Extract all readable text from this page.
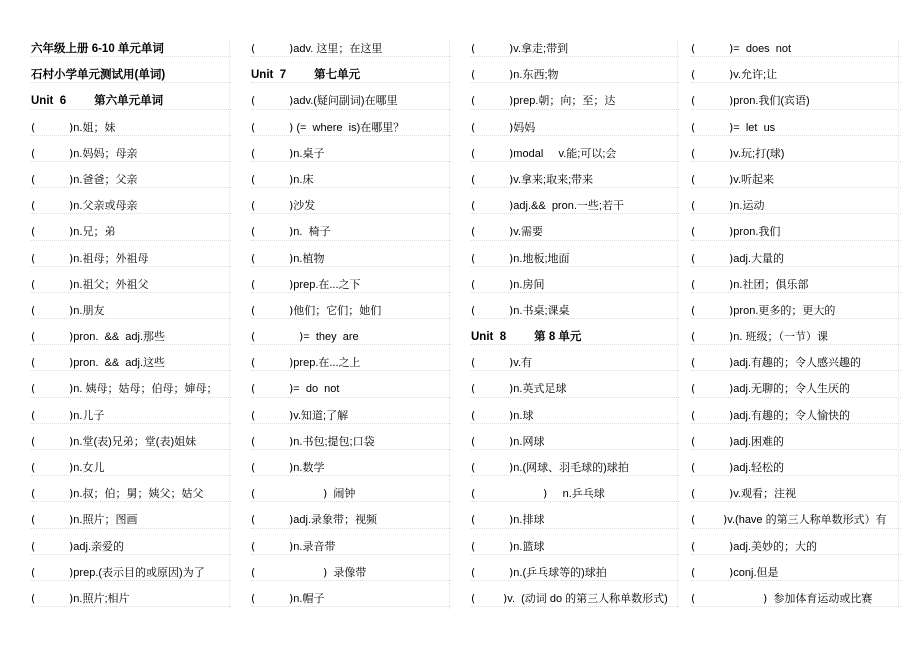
六年级上册 6-10 单元单词
石村小学单元测试用(单词)
Unit  6 第六单元单词
(	)n.姐；妹
(	)n.妈妈；母亲
(	)n.爸爸；父亲
(	)n.父亲或母亲
(	)n.兄；弟
(	)n.祖母；外祖母
(	)n.祖父；外祖父
(	)n.朋友
(	)pron.  &&  adj.那些
(	)pron.  &&  adj.这些
(	)n. 姨母；姑母；伯母；婶母；
(	)n.儿子
(	)n.堂(表)兄弟；堂(表)姐妹
(	)n.女儿
(	)n.叔；伯；舅；姨父；姑父
(	)n.照片；图画
(	)adj.亲爱的
(	)prep.(表示目的或原因)为了
(	)n.照片;相片
(	)adv. 这里；在这里
Unit  7 第七单元
(	)adv.(疑问副词)在哪里
(	) (=  where  is)在哪里？
(	)n.桌子
(	)n.床
(	)沙发
(	)n.  椅子
(	)n.植物
(	)prep.在...之下
(	)他们；它们；她们
(	)=  they  are
(	)prep.在...之上
(	)=  do  not
(	)v.知道;了解
(	)n.书包;提包;口袋
(	)n.数学
(	)  闹钟
(	)adj.录象带；视频
(	)n.录音带
(	)  录像带
(	)n.帽子
(	)v.拿走;带到
(	)n.东西;物
(	)prep.朝；向；至；达
(	)妈妈
(	)modal     v.能;可以;会
(	)v.拿来;取来;带来
(	)adj.&&  pron.一些;若干
(	)v.需要
(	)n.地板;地面
(	)n.房间
(	)n.书桌;课桌
Unit  8 第 8 单元
(	)v.有
(	)n.英式足球
(	)n.球
(	)n.网球
(	)n.(网球、羽毛球的)球拍
(	)     n.乒乓球
(	)n.排球
(	)n.篮球
(	)n.(乒乓球等的)球拍
(	)v.  (动词 do 的第三人称单数形式)
(	)=  does  not
(	)v.允许;让
(	)pron.我们(宾语)
(	)=  let  us
(	)v.玩;打(球)
(	)v.听起来
(	)n.运动
(	)pron.我们
(	)adj.大量的
(	)n.社团；俱乐部
(	)pron.更多的；更大的
(	)n. 班级；（一节）课
(	)adj.有趣的；令人感兴趣的
(	)adj.无聊的；令人生厌的
(	)adj.有趣的；令人愉快的
(	)adj.困难的
(	)adj.轻松的
(	)v.观看；注视
(	)v.(have 的第三人称单数形式）有
(	)adj.美妙的；大的
(	)conj.但是
(	)  参加体育运动或比赛
